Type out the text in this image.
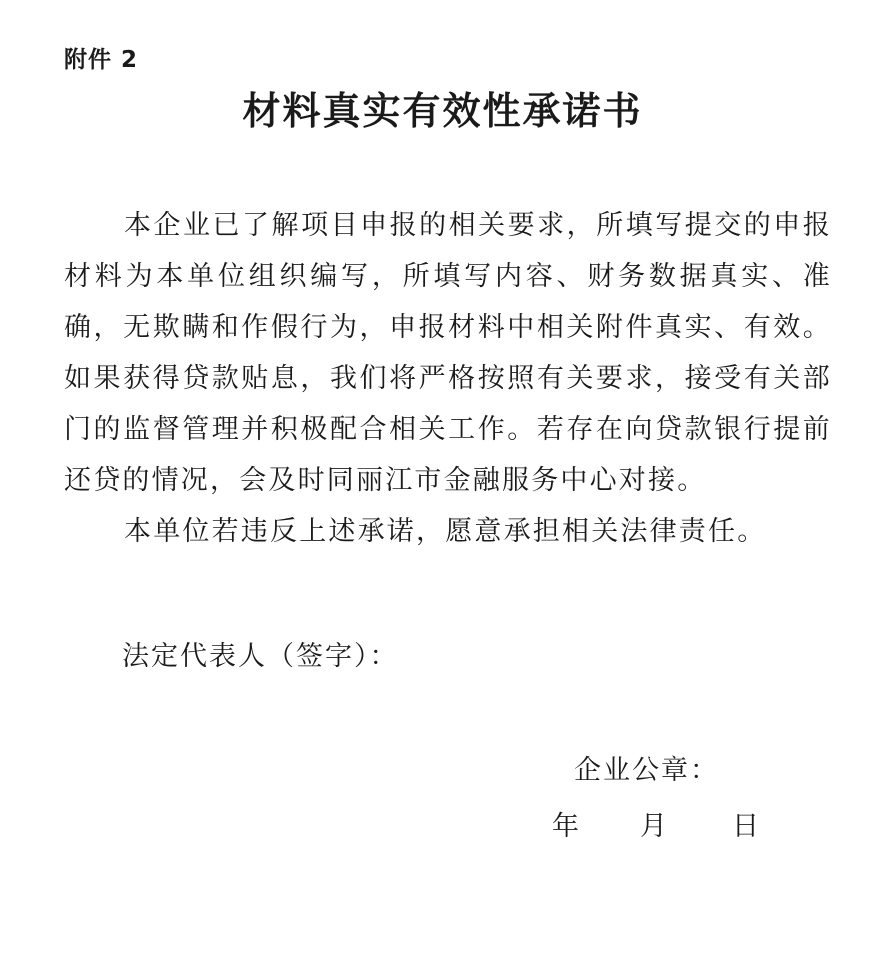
附件 2
材料真实有效性承诺书

本企业已了解项目申报的相关要求，所填写提交的申报材料为本单位组织编写，所填写内容、财务数据真实、准确，无欺瞒和作假行为，申报材料中相关附件真实、有效。如果获得贷款贴息，我们将严格按照有关要求，接受有关部门的监督管理并积极配合相关工作。若存在向贷款银行提前还贷的情况，会及时同丽江市金融服务中心对接。

本单位若违反上述承诺，愿意承担相关法律责任。

法定代表人（签字）：
企业公章：
年 月 日
